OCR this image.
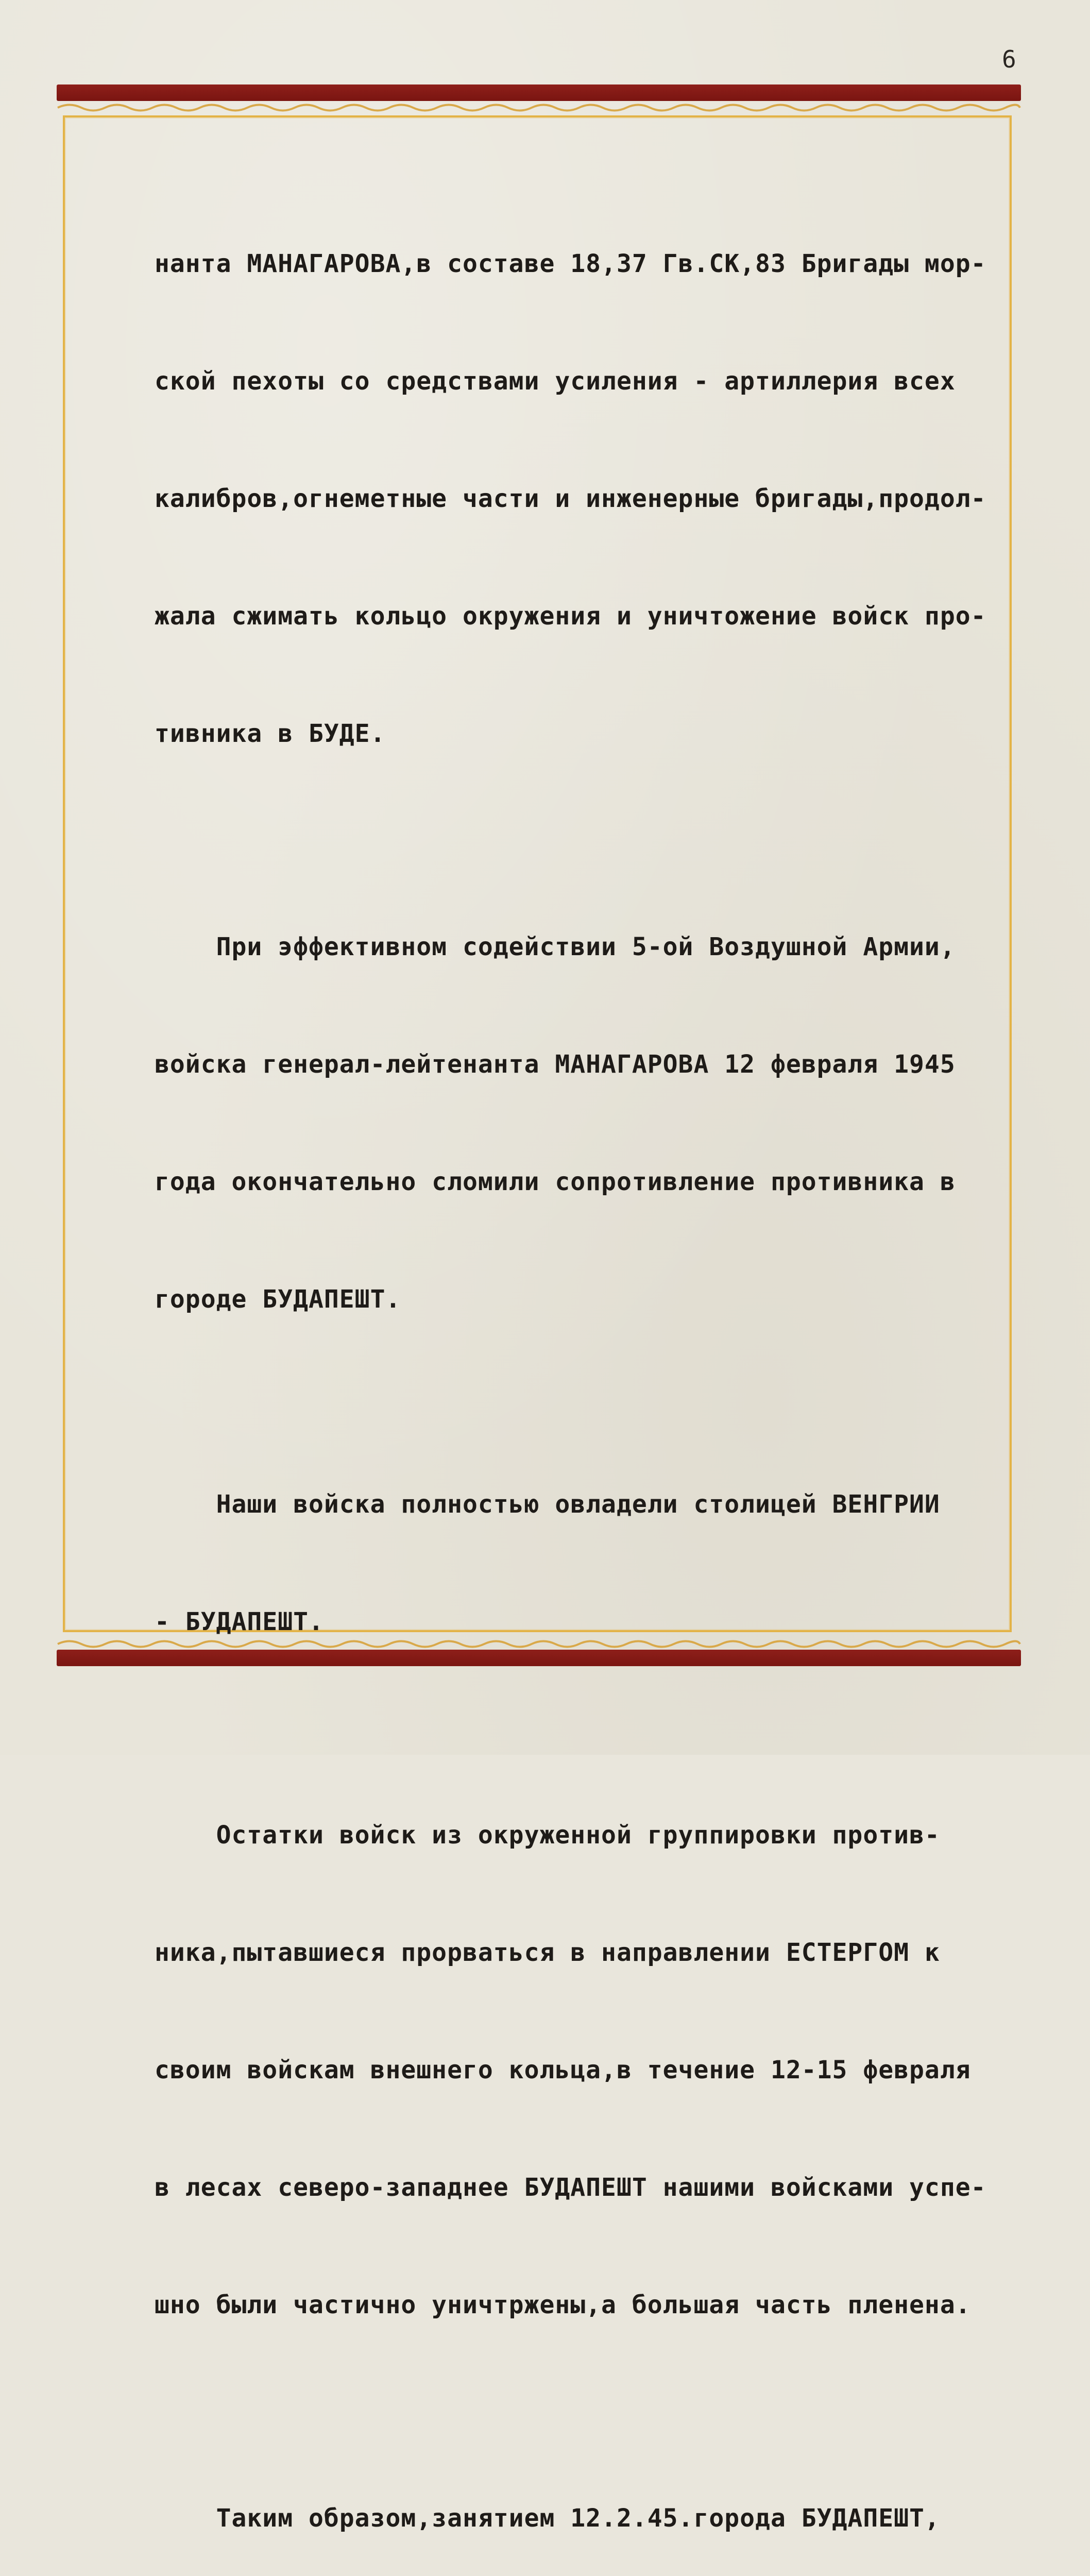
6

нанта МАНАГАРОВА,в составе 18,37 Гв.СК,83 Бригады мор-

ской пехоты со средствами усиления - артиллерия всех

калибров,огнеметные части и инженерные бригады,продол-

жала сжимать кольцо окружения и уничтожение войск про-

тивника в БУДЕ.

При эффективном содействии 5-ой Воздушной Армии,

войска генерал-лейтенанта МАНАГАРОВА 12 февраля 1945

года окончательно сломили сопротивление противника в

городе БУДАПЕШТ.

Наши войска полностью овладели столицей ВЕНГРИИ

- БУДАПЕШТ.

Остатки войск из окруженной группировки против-

ника,пытавшиеся прорваться в направлении ЕСТЕРГОМ к

своим войскам внешнего кольца,в течение 12-15 февраля

в лесах северо-западнее БУДАПЕШТ нашими войсками успе-

шно были частично уничтржены,а большая часть пленена.

Таким образом,занятием 12.2.45.города БУДАПЕШТ,
